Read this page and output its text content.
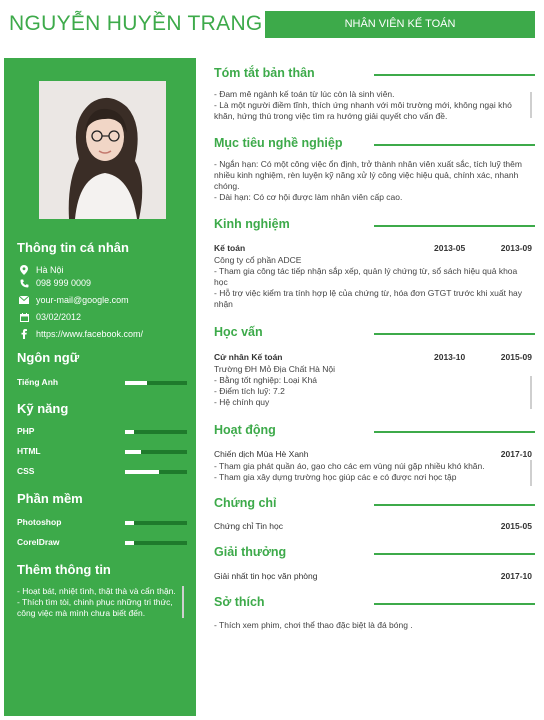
NGUYỄN HUYỀN TRANG	NHÂN VIÊN KẾ TOÁN
Thông tin cá nhân
Hà Nội
098 999 0009
your-mail@google.com
03/02/2012
https://www.facebook.com/
Ngôn ngữ
Kỹ năng
Phần mềm
Thêm thông tin
- Hoạt bát, nhiệt tình, thật thà và cẩn thận.
- Thích tìm tòi, chinh phục những tri thức,
công việc mà mình chưa biết đến.
Tiếng Anh
PHP
HTML
CSS
Photoshop
CorelDraw
Tóm tắt bản thân
- Đam mê ngành kế toán từ lúc còn là sinh viên.
- Là một người điềm tĩnh, thích ứng nhanh với môi trường mới, không ngại khó
khăn, hứng thú trong việc tìm ra hướng giải quyết cho vấn đề.
Mục tiêu nghề nghiệp
- Ngắn hạn: Có một công việc ổn định, trở thành nhân viên xuất sắc, tích luỹ thêm
nhiều kinh nghiệm, rèn luyện kỹ năng xử lý công việc hiệu quả, chính xác, nhanh
chóng.
- Dài hạn: Có cơ hội được làm nhân viên cấp cao.
Kinh nghiệm
Kế toán	2013-05	2013-09
Công ty cổ phần ADCE
- Tham gia công tác tiếp nhận sắp xếp, quản lý chứng từ, sổ sách hiệu quả khoa
học
- Hỗ trợ việc kiểm tra tính hợp lệ của chứng từ, hóa đơn GTGT trước khi xuất hay
nhận
Học vấn
Cử nhân Kế toán	2013-10	2015-09
Trường ĐH Mỏ Địa Chất Hà Nội
- Bằng tốt nghiệp: Loại Khá
- Điểm tích luỹ: 7.2
- Hệ chính quy
Hoạt động
Chiến dịch Mùa Hè Xanh	2017-10
- Tham gia phát quần áo, gạo cho các em vùng núi gặp nhiều khó khăn.
- Tham gia xây dựng trường học giúp các e có được nơi học tập
Chứng chỉ
Chứng chỉ Tin học	2015-05
Giải thưởng
Giải nhất tin học văn phòng	2017-10
Sở thích
- Thích xem phim, chơi thể thao đặc biệt là đá bóng .
